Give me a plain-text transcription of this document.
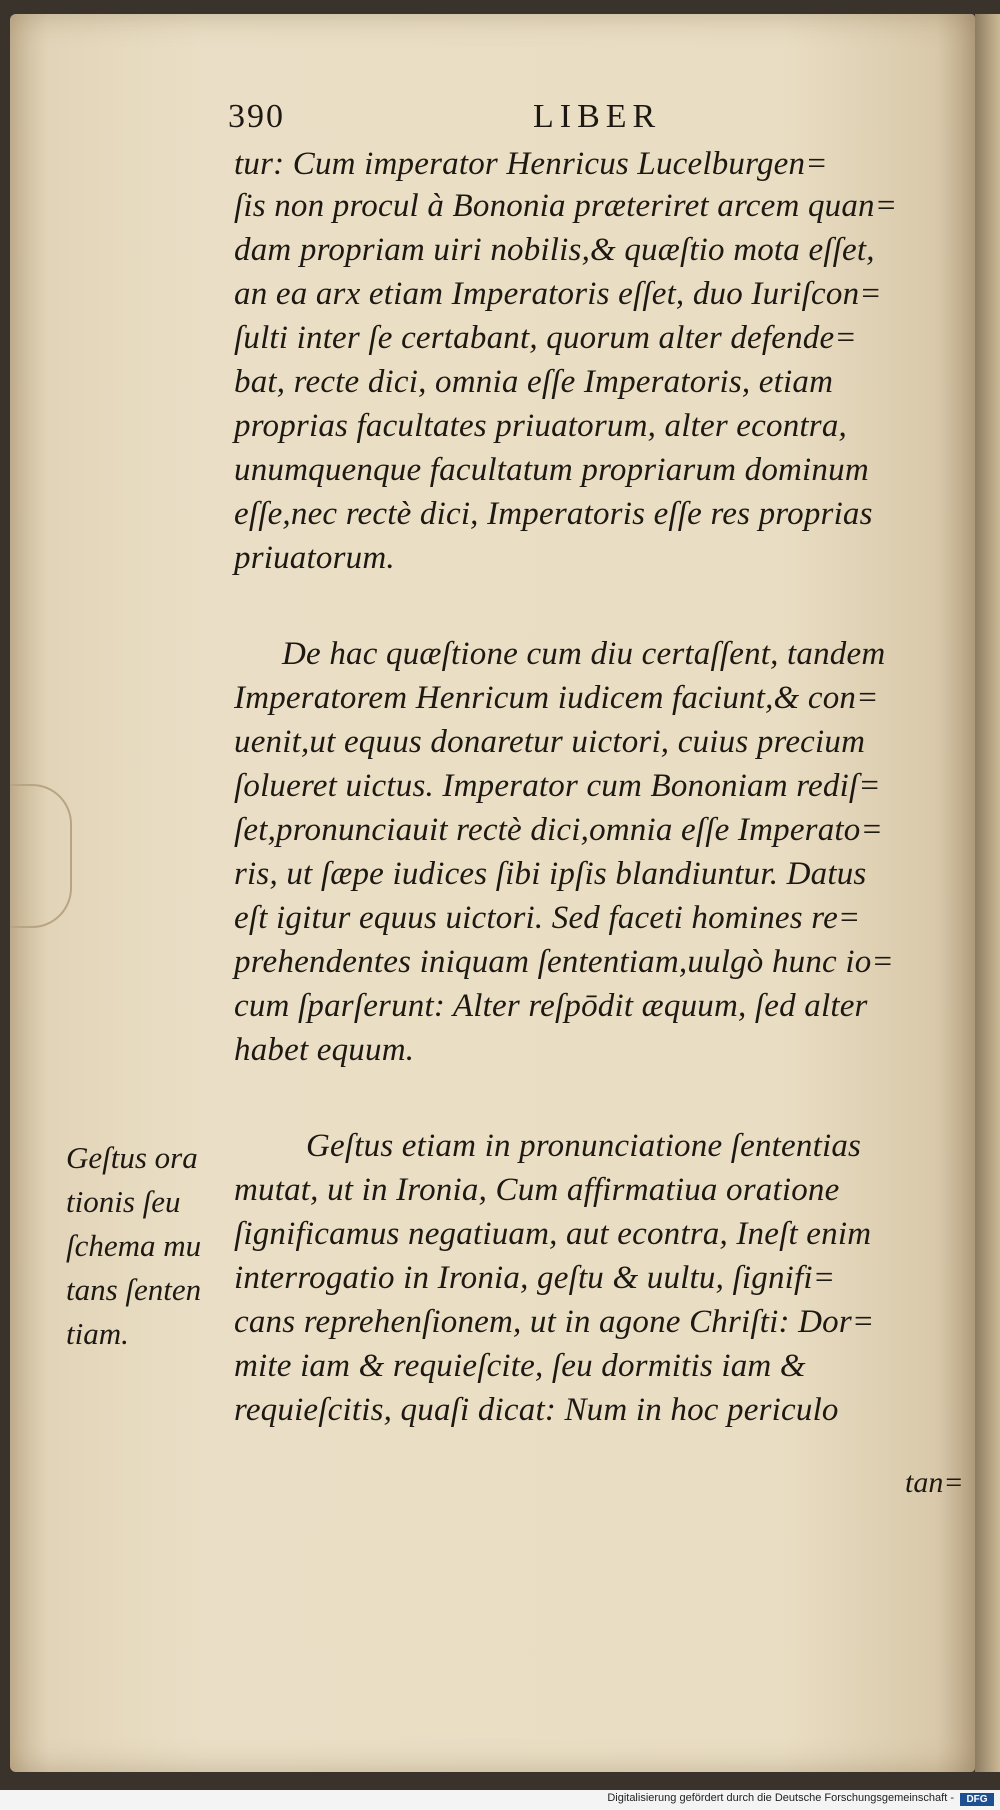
390	LIBER
tur: Cum imperator Henricus Lucelburgen=
ſis non procul à Bononia præteriret arcem quan=
dam propriam uiri nobilis,& quæſtio mota eſſet,
an ea arx etiam Imperatoris eſſet, duo Iuriſcon=
ſulti inter ſe certabant, quorum alter defende=
bat, recte dici, omnia eſſe Imperatoris, etiam
proprias facultates priuatorum, alter econtra,
unumquenque facultatum propriarum dominum
eſſe,nec rectè dici, Imperatoris eſſe res proprias
priuatorum.
De hac quæſtione cum diu certaſſent, tandem
Imperatorem Henricum iudicem faciunt,& con=
uenit,ut equus donaretur uictori, cuius precium
ſolueret uictus. Imperator cum Bononiam rediſ=
ſet,pronunciauit rectè dici,omnia eſſe Imperato=
ris, ut ſæpe iudices ſibi ipſis blandiuntur. Datus
eſt igitur equus uictori. Sed faceti homines re=
prehendentes iniquam ſententiam,uulgò hunc io=
cum ſparſerunt: Alter reſpōdit æquum, ſed alter
habet equum.
Geſtus etiam in pronunciatione ſententias
mutat, ut in Ironia, Cum affirmatiua oratione
ſignificamus negatiuam, aut econtra, Ineſt enim
interrogatio in Ironia, geſtu & uultu, ſignifi=
cans reprehenſionem, ut in agone Chriſti: Dor=
mite iam & requieſcite, ſeu dormitis iam &
requieſcitis, quaſi dicat: Num in hoc periculo
tan=
Geſtus ora
tionis ſeu
ſchema mu
tans ſenten
tiam.
Digitalisierung gefördert durch die Deutsche Forschungsgemeinschaft -	DFG
